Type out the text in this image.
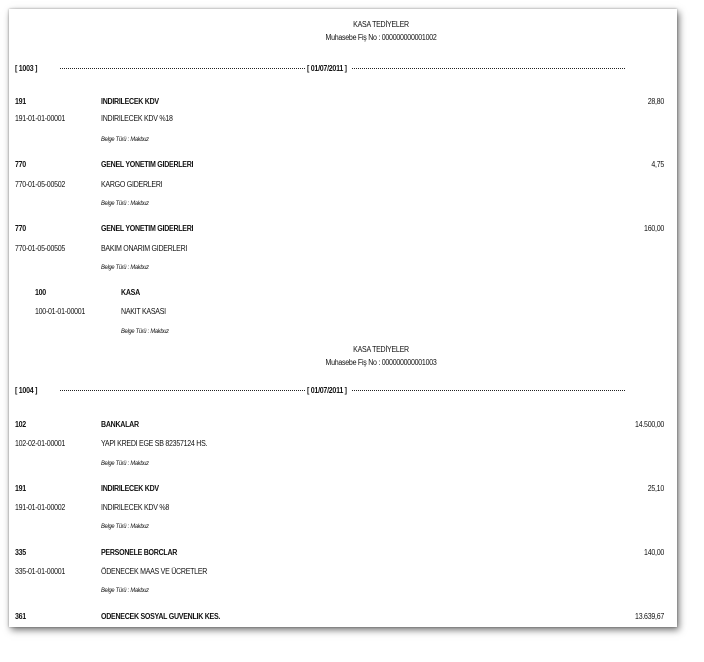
KASA TEDİYELER
Muhasebe Fiş No : 000000000001002
[ 1003 ]	[ 01/07/2011 ]
191	INDIRILECEK KDV	28,80
191-01-01-00001	INDIRILECEK KDV %18
Belge Türü : Makbuz
770	GENEL YONETIM GIDERLERI	4,75
770-01-05-00502	KARGO GIDERLERI
Belge Türü : Makbuz
770	GENEL YONETIM GIDERLERI	160,00
770-01-05-00505	BAKIM ONARIM GIDERLERI
Belge Türü : Makbuz
100	KASA
100-01-01-00001	NAKIT KASASI
Belge Türü : Makbuz
KASA TEDİYELER
Muhasebe Fiş No : 000000000001003
[ 1004 ]	[ 01/07/2011 ]
102	BANKALAR	14.500,00
102-02-01-00001	YAPI KREDI EGE SB 82357124 HS.
Belge Türü : Makbuz
191	INDIRILECEK KDV	25,10
191-01-01-00002	INDIRILECEK KDV %8
Belge Türü : Makbuz
335	PERSONELE BORCLAR	140,00
335-01-01-00001	ÖDENECEK MAAS VE ÜCRETLER
Belge Türü : Makbuz
361	ODENECEK SOSYAL GUVENLIK KES.	13.639,67
